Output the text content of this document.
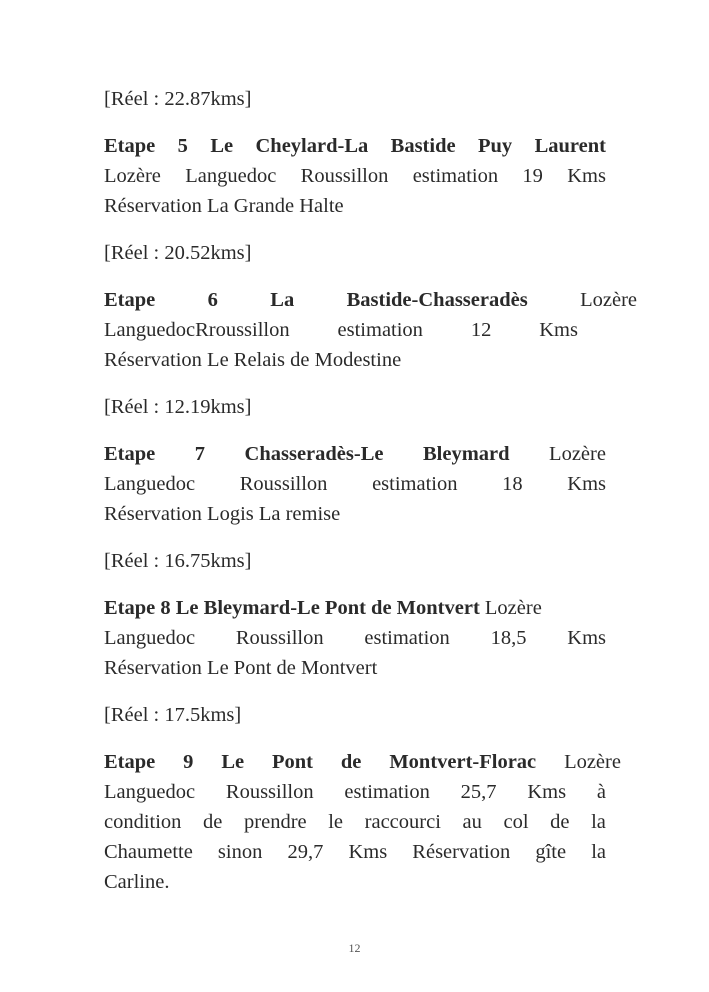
[Réel : 22.87kms]

Etape 5 Le Cheylard-La Bastide Puy Laurent
Lozère Languedoc Roussillon estimation 19 Kms
Réservation La Grande Halte

[Réel : 20.52kms]

Etape	6	La	Bastide-Chasseradès	Lozère
LanguedocRroussillon estimation 12 Kms
Réservation Le Relais de Modestine

[Réel : 12.19kms]

Etape 7 Chasseradès-Le Bleymard Lozère
Languedoc Roussillon estimation 18 Kms
Réservation Logis La remise

[Réel : 16.75kms]

Etape 8 Le Bleymard-Le Pont de Montvert Lozère
Languedoc Roussillon estimation 18,5 Kms
Réservation Le Pont de Montvert

[Réel : 17.5kms]

Etape 9 Le Pont de Montvert-Florac Lozère
Languedoc Roussillon estimation 25,7 Kms à
condition de prendre le raccourci au col de la
Chaumette sinon 29,7 Kms Réservation gîte la
Carline.

12
